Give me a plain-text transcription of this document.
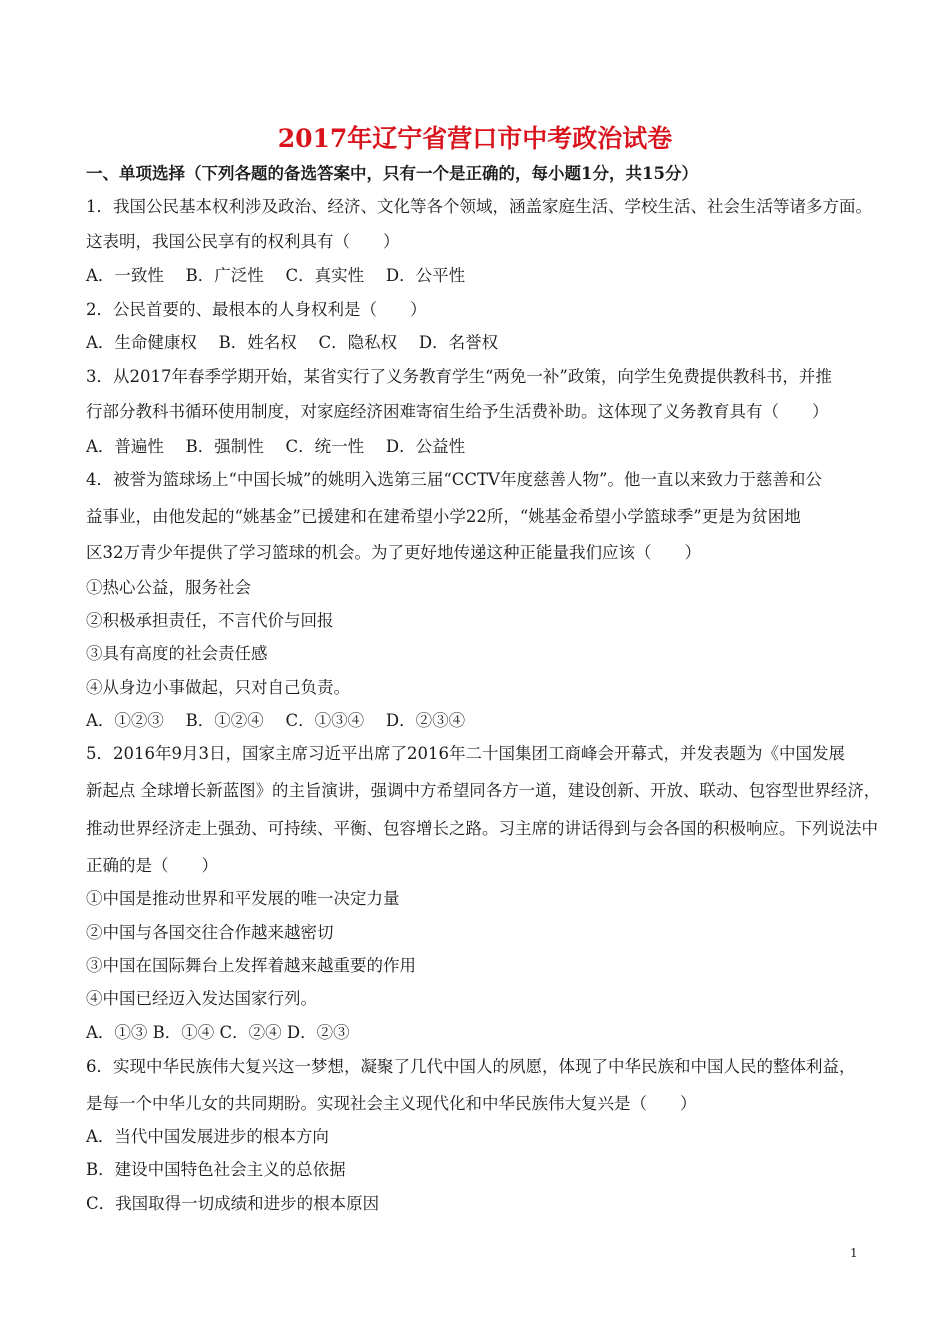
2017年辽宁省营口市中考政治试卷
一、单项选择（下列各题的备选答案中，只有一个是正确的，每小题1分，共15分）
1．我国公民基本权利涉及政治、经济、文化等各个领域，涵盖家庭生活、学校生活、社会生活等诸多方面。
这表明，我国公民享有的权利具有（　　）
A．一致性　 B．广泛性　 C．真实性　 D．公平性
2．公民首要的、最根本的人身权利是（　　）
A．生命健康权　 B．姓名权　 C．隐私权　 D．名誉权
3．从2017年春季学期开始，某省实行了义务教育学生“两免一补”政策，向学生免费提供教科书，并推
行部分教科书循环使用制度，对家庭经济困难寄宿生给予生活费补助。这体现了义务教育具有（　　）
A．普遍性　 B．强制性　 C．统一性　 D．公益性
4．被誉为篮球场上“中国长城”的姚明入选第三届“CCTV年度慈善人物”。他一直以来致力于慈善和公
益事业，由他发起的“姚基金”已援建和在建希望小学22所，“姚基金希望小学篮球季”更是为贫困地
区32万青少年提供了学习篮球的机会。为了更好地传递这种正能量我们应该（　　）
①热心公益，服务社会
②积极承担责任，不言代价与回报
③具有高度的社会责任感
④从身边小事做起，只对自己负责。
A．①②③　 B．①②④　 C．①③④　 D．②③④
5．2016年9月3日，国家主席习近平出席了2016年二十国集团工商峰会开幕式，并发表题为《中国发展
新起点 全球增长新蓝图》的主旨演讲，强调中方希望同各方一道，建设创新、开放、联动、包容型世界经济，
推动世界经济走上强劲、可持续、平衡、包容增长之路。习主席的讲话得到与会各国的积极响应。下列说法中
正确的是（　　）
①中国是推动世界和平发展的唯一决定力量
②中国与各国交往合作越来越密切
③中国在国际舞台上发挥着越来越重要的作用
④中国已经迈入发达国家行列。
A．①③ B．①④ C．②④ D．②③
6．实现中华民族伟大复兴这一梦想，凝聚了几代中国人的夙愿，体现了中华民族和中国人民的整体利益，
是每一个中华儿女的共同期盼。实现社会主义现代化和中华民族伟大复兴是（　　）
A．当代中国发展进步的根本方向
B．建设中国特色社会主义的总依据
C．我国取得一切成绩和进步的根本原因
1
